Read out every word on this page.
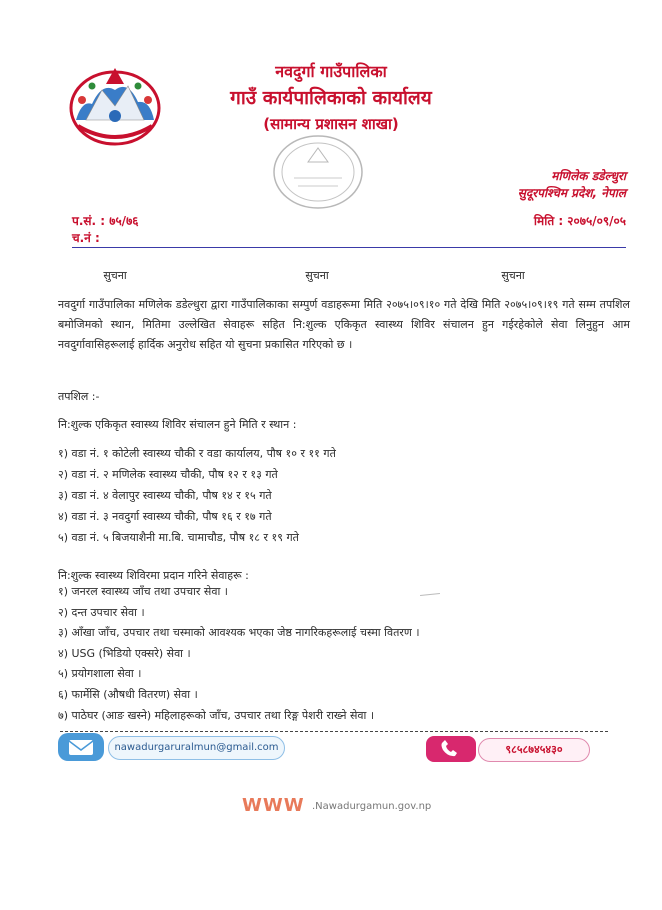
नवदुर्गा गाउँपालिका
गाउँ कार्यपालिकाको कार्यालय
(सामान्य प्रशासन शाखा)
मणिलेक डडेल्धुरा
सुदूरपश्चिम प्रदेश, नेपाल
प.सं. : ७५/७६
च.नं :
मिति : २०७५/०९/०५
सुचना	सुचना	सुचना
नवदुर्गा गाउँपालिका मणिलेक डडेल्धुरा द्वारा गाउँपालिकाका सम्पुर्ण वडाहरूमा मिति २०७५।०९।१० गते देखि मिति २०७५।०९।१९ गते सम्म तपशिल बमोजिमको स्थान, मितिमा उल्लेखित सेवाहरू सहित नि:शुल्क एकिकृत स्वास्थ्य शिविर संचालन हुन गईरहेकोले सेवा लिनुहुन आम नवदुर्गावासिहरूलाई हार्दिक अनुरोध सहित यो सुचना प्रकासित गरिएको छ ।
तपशिल :-
नि:शुल्क एकिकृत स्वास्थ्य शिविर संचालन हुने मिति र स्थान :
१) वडा नं. १ कोटेली स्वास्थ्य चौकी र वडा कार्यालय, पौष १० र ११ गते
२) वडा नं. २ मणिलेक स्वास्थ्य चौकी, पौष १२ र १३ गते
३) वडा नं. ४ वेलापुर स्वास्थ्य चौकी, पौष १४ र १५ गते
४) वडा नं. ३ नवदुर्गा स्वास्थ्य चौकी, पौष १६ र १७ गते
५) वडा नं. ५ बिजयाशैनी मा.बि. चामाचौड, पौष १८ र १९ गते
नि:शुल्क स्वास्थ्य शिविरमा प्रदान गरिने सेवाहरू :
१) जनरल स्वास्थ्य जाँच तथा उपचार सेवा ।
२) दन्त उपचार सेवा ।
३) आँखा जाँच, उपचार तथा चस्माको आवश्यक भएका जेष्ठ नागरिकहरूलाई चस्मा वितरण ।
४) USG (भिडियो एक्सरे) सेवा ।
५) प्रयोगशाला सेवा ।
६) फार्मेसि (औषधी वितरण) सेवा ।
७) पाठेघर (आङ खस्ने) महिलाहरूको जाँच, उपचार तथा रिङ्ग पेशरी राख्ने सेवा ।
nawadurgaruralmun@gmail.com	९८५८७४५४३०
WWW .Nawadurgamun.gov.np
